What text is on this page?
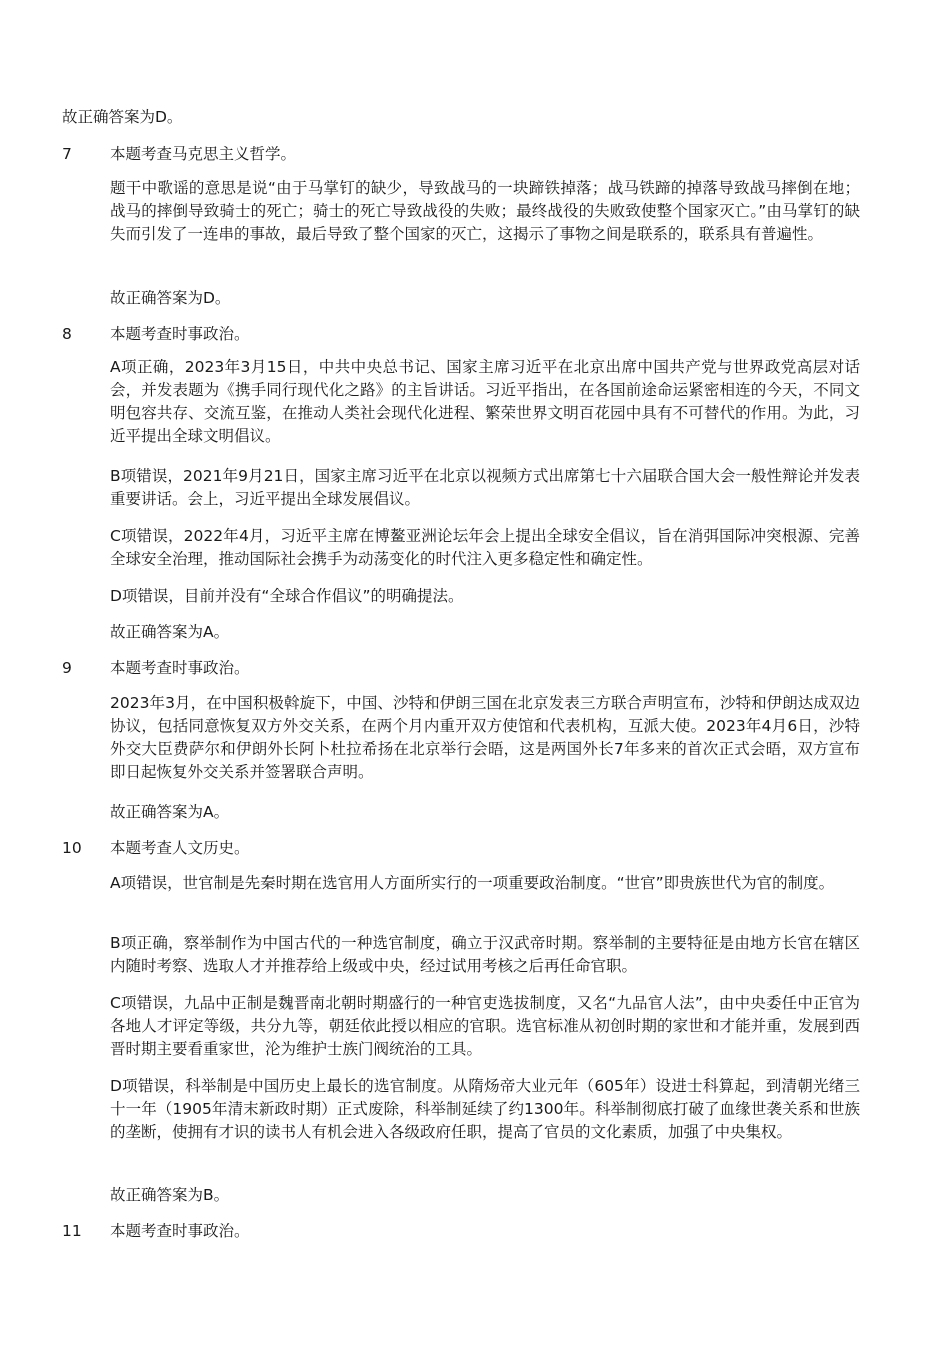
故正确答案为D。
7 本题考查马克思主义哲学。
题干中歌谣的意思是说“由于马掌钉的缺少，导致战马的一块蹄铁掉落；战马铁蹄的掉落导致战马摔倒在地；战马的摔倒导致骑士的死亡；骑士的死亡导致战役的失败；最终战役的失败致使整个国家灭亡。”由马掌钉的缺失而引发了一连串的事故，最后导致了整个国家的灭亡，这揭示了事物之间是联系的，联系具有普遍性。
故正确答案为D。
8 本题考查时事政治。
A项正确，2023年3月15日，中共中央总书记、国家主席习近平在北京出席中国共产党与世界政党高层对话会，并发表题为《携手同行现代化之路》的主旨讲话。习近平指出，在各国前途命运紧密相连的今天，不同文明包容共存、交流互鉴，在推动人类社会现代化进程、繁荣世界文明百花园中具有不可替代的作用。为此，习近平提出全球文明倡议。
B项错误，2021年9月21日，国家主席习近平在北京以视频方式出席第七十六届联合国大会一般性辩论并发表重要讲话。会上，习近平提出全球发展倡议。
C项错误，2022年4月，习近平主席在博鳌亚洲论坛年会上提出全球安全倡议，旨在消弭国际冲突根源、完善全球安全治理，推动国际社会携手为动荡变化的时代注入更多稳定性和确定性。
D项错误，目前并没有“全球合作倡议”的明确提法。
故正确答案为A。
9 本题考查时事政治。
2023年3月，在中国积极斡旋下，中国、沙特和伊朗三国在北京发表三方联合声明宣布，沙特和伊朗达成双边协议，包括同意恢复双方外交关系，在两个月内重开双方使馆和代表机构，互派大使。2023年4月6日，沙特外交大臣费萨尔和伊朗外长阿卜杜拉希扬在北京举行会晤，这是两国外长7年多来的首次正式会晤，双方宣布即日起恢复外交关系并签署联合声明。
故正确答案为A。
10 本题考查人文历史。
A项错误，世官制是先秦时期在选官用人方面所实行的一项重要政治制度。“世官”即贵族世代为官的制度。
B项正确，察举制作为中国古代的一种选官制度，确立于汉武帝时期。察举制的主要特征是由地方长官在辖区内随时考察、选取人才并推荐给上级或中央，经过试用考核之后再任命官职。
C项错误，九品中正制是魏晋南北朝时期盛行的一种官吏选拔制度，又名“九品官人法”，由中央委任中正官为各地人才评定等级，共分九等，朝廷依此授以相应的官职。选官标准从初创时期的家世和才能并重，发展到西晋时期主要看重家世，沦为维护士族门阀统治的工具。
D项错误，科举制是中国历史上最长的选官制度。从隋炀帝大业元年（605年）设进士科算起，到清朝光绪三十一年（1905年清末新政时期）正式废除，科举制延续了约1300年。科举制彻底打破了血缘世袭关系和世族的垄断，使拥有才识的读书人有机会进入各级政府任职，提高了官员的文化素质，加强了中央集权。
故正确答案为B。
11 本题考查时事政治。
